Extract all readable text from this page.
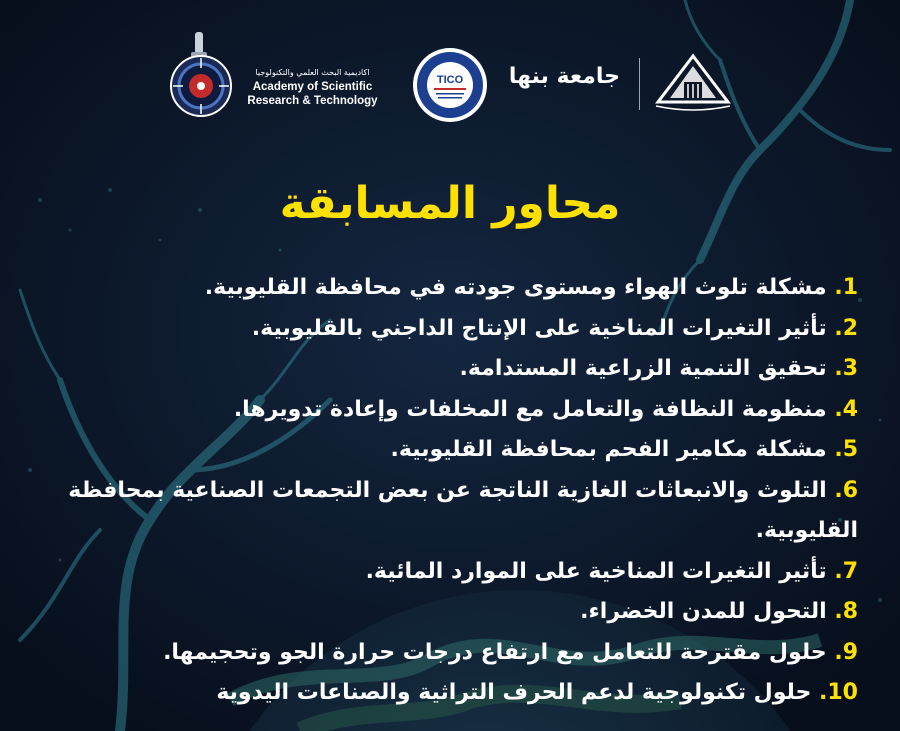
اكاديمية البحث العلمي والتكنولوجيا
Academy of Scientific
Research & Technology
TICO جامعة بنها
محاور المسابقة
1 . مشكلة تلوث الهواء ومستوى جودته في محافظة القليوبية.
2 . تأثير التغيرات المناخية على الإنتاج الداجني بالقليوبية.
3 . تحقيق التنمية الزراعية المستدامة.
4 . منظومة النظافة والتعامل مع المخلفات وإعادة تدويرها.
5 . مشكلة مكامير الفحم بمحافظة القليوبية.
6 . التلوث والانبعاثات الغازية الناتجة عن بعض التجمعات الصناعية بمحافظة القليوبية.
7 . تأثير التغيرات المناخية على الموارد المائية.
8 . التحول للمدن الخضراء.
9 . حلول مقترحة للتعامل مع ارتفاع درجات حرارة الجو وتحجيمها.
10 . حلول تكنولوجية لدعم الحرف التراثية والصناعات اليدوية
